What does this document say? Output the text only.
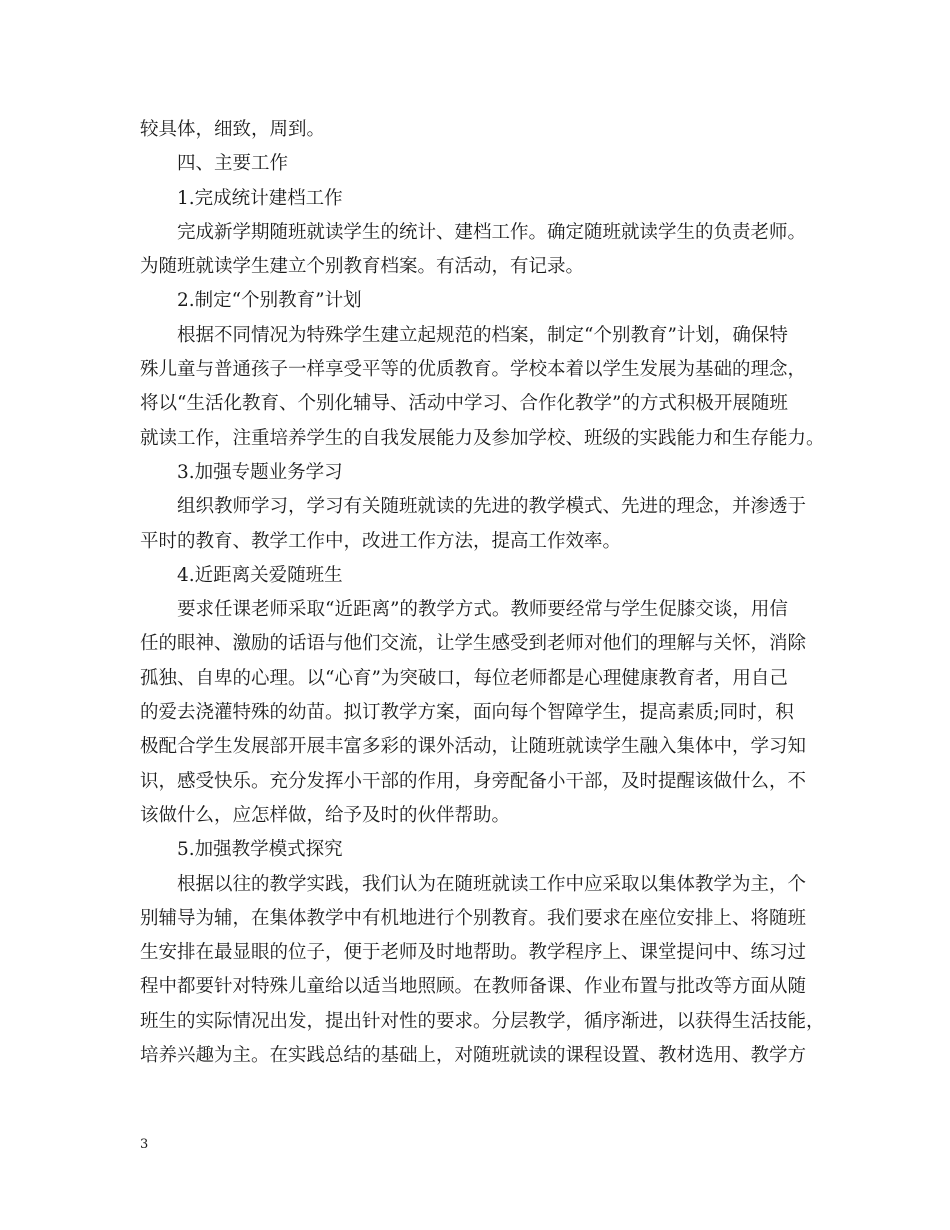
较具体，细致，周到。
四、主要工作
1.完成统计建档工作
完成新学期随班就读学生的统计、建档工作。确定随班就读学生的负责老师。
为随班就读学生建立个别教育档案。有活动，有记录。
2.制定“个别教育”计划
根据不同情况为特殊学生建立起规范的档案，制定“个别教育”计划，确保特
殊儿童与普通孩子一样享受平等的优质教育。学校本着以学生发展为基础的理念，
将以“生活化教育、个别化辅导、活动中学习、合作化教学”的方式积极开展随班
就读工作，注重培养学生的自我发展能力及参加学校、班级的实践能力和生存能力。
3.加强专题业务学习
组织教师学习，学习有关随班就读的先进的教学模式、先进的理念，并渗透于
平时的教育、教学工作中，改进工作方法，提高工作效率。
4.近距离关爱随班生
要求任课老师采取“近距离”的教学方式。教师要经常与学生促膝交谈，用信
任的眼神、激励的话语与他们交流，让学生感受到老师对他们的理解与关怀，消除
孤独、自卑的心理。以“心育”为突破口，每位老师都是心理健康教育者，用自己
的爱去浇灌特殊的幼苗。拟订教学方案，面向每个智障学生，提高素质;同时，积
极配合学生发展部开展丰富多彩的课外活动，让随班就读学生融入集体中，学习知
识，感受快乐。充分发挥小干部的作用，身旁配备小干部，及时提醒该做什么，不
该做什么，应怎样做，给予及时的伙伴帮助。
5.加强教学模式探究
根据以往的教学实践，我们认为在随班就读工作中应采取以集体教学为主，个
别辅导为辅，在集体教学中有机地进行个别教育。我们要求在座位安排上、将随班
生安排在最显眼的位子，便于老师及时地帮助。教学程序上、课堂提问中、练习过
程中都要针对特殊儿童给以适当地照顾。在教师备课、作业布置与批改等方面从随
班生的实际情况出发，提出针对性的要求。分层教学，循序渐进，以获得生活技能，
培养兴趣为主。在实践总结的基础上，对随班就读的课程设置、教材选用、教学方
3
